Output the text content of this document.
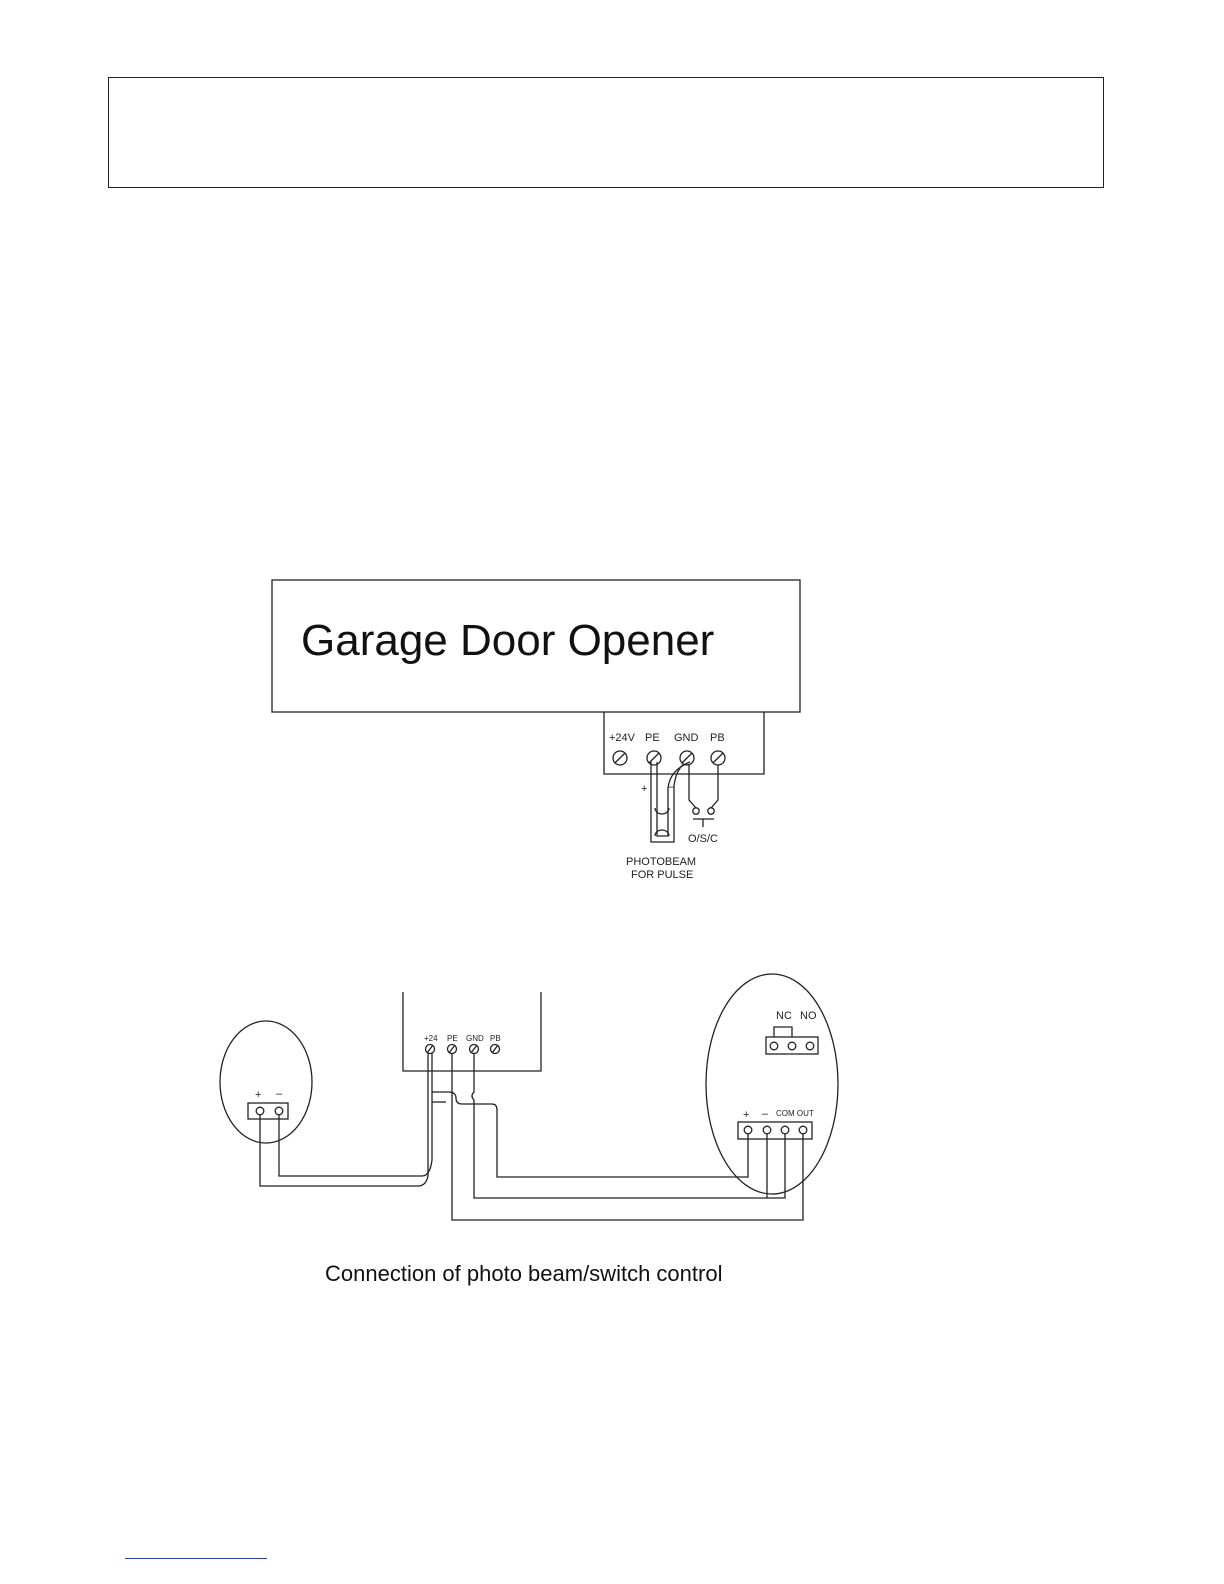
Garage Door Opener
+24V PE GND PB
+ –
O/S/C
PHOTOBEAM
FOR PULSE
+24 PE GND PB
+ –
NC NO
+ – COM OUT
Connection of photo beam/switch control
